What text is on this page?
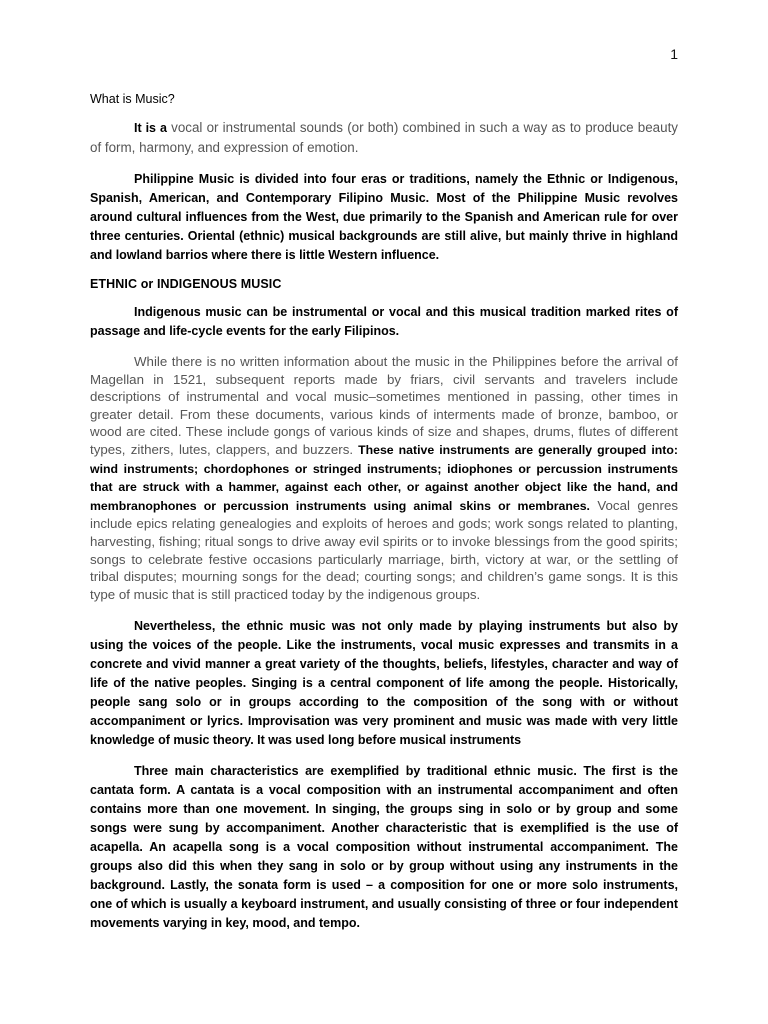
1

What is Music?

It is a vocal or instrumental sounds (or both) combined in such a way as to produce beauty of form, harmony, and expression of emotion.

Philippine Music is divided into four eras or traditions, namely the Ethnic or Indigenous, Spanish, American, and Contemporary Filipino Music. Most of the Philippine Music revolves around cultural influences from the West, due primarily to the Spanish and American rule for over three centuries. Oriental (ethnic) musical backgrounds are still alive, but mainly thrive in highland and lowland barrios where there is little Western influence.

ETHNIC or INDIGENOUS MUSIC

Indigenous music can be instrumental or vocal and this musical tradition marked rites of passage and life-cycle events for the early Filipinos.

While there is no written information about the music in the Philippines before the arrival of Magellan in 1521, subsequent reports made by friars, civil servants and travelers include descriptions of instrumental and vocal music–sometimes mentioned in passing, other times in greater detail. From these documents, various kinds of interments made of bronze, bamboo, or wood are cited. These include gongs of various kinds of size and shapes, drums, flutes of different types, zithers, lutes, clappers, and buzzers. These native instruments are generally grouped into: wind instruments; chordophones or stringed instruments; idiophones or percussion instruments that are struck with a hammer, against each other, or against another object like the hand, and membranophones or percussion instruments using animal skins or membranes. Vocal genres include epics relating genealogies and exploits of heroes and gods; work songs related to planting, harvesting, fishing; ritual songs to drive away evil spirits or to invoke blessings from the good spirits; songs to celebrate festive occasions particularly marriage, birth, victory at war, or the settling of tribal disputes; mourning songs for the dead; courting songs; and children’s game songs. It is this type of music that is still practiced today by the indigenous groups.

Nevertheless, the ethnic music was not only made by playing instruments but also by using the voices of the people. Like the instruments, vocal music expresses and transmits in a concrete and vivid manner a great variety of the thoughts, beliefs, lifestyles, character and way of life of the native peoples. Singing is a central component of life among the people. Historically, people sang solo or in groups according to the composition of the song with or without accompaniment or lyrics. Improvisation was very prominent and music was made with very little knowledge of music theory. It was used long before musical instruments

Three main characteristics are exemplified by traditional ethnic music. The first is the cantata form. A cantata is a vocal composition with an instrumental accompaniment and often contains more than one movement. In singing, the groups sing in solo or by group and some songs were sung by accompaniment. Another characteristic that is exemplified is the use of acapella. An acapella song is a vocal composition without instrumental accompaniment. The groups also did this when they sang in solo or by group without using any instruments in the background. Lastly, the sonata form is used – a composition for one or more solo instruments, one of which is usually a keyboard instrument, and usually consisting of three or four independent movements varying in key, mood, and tempo.
